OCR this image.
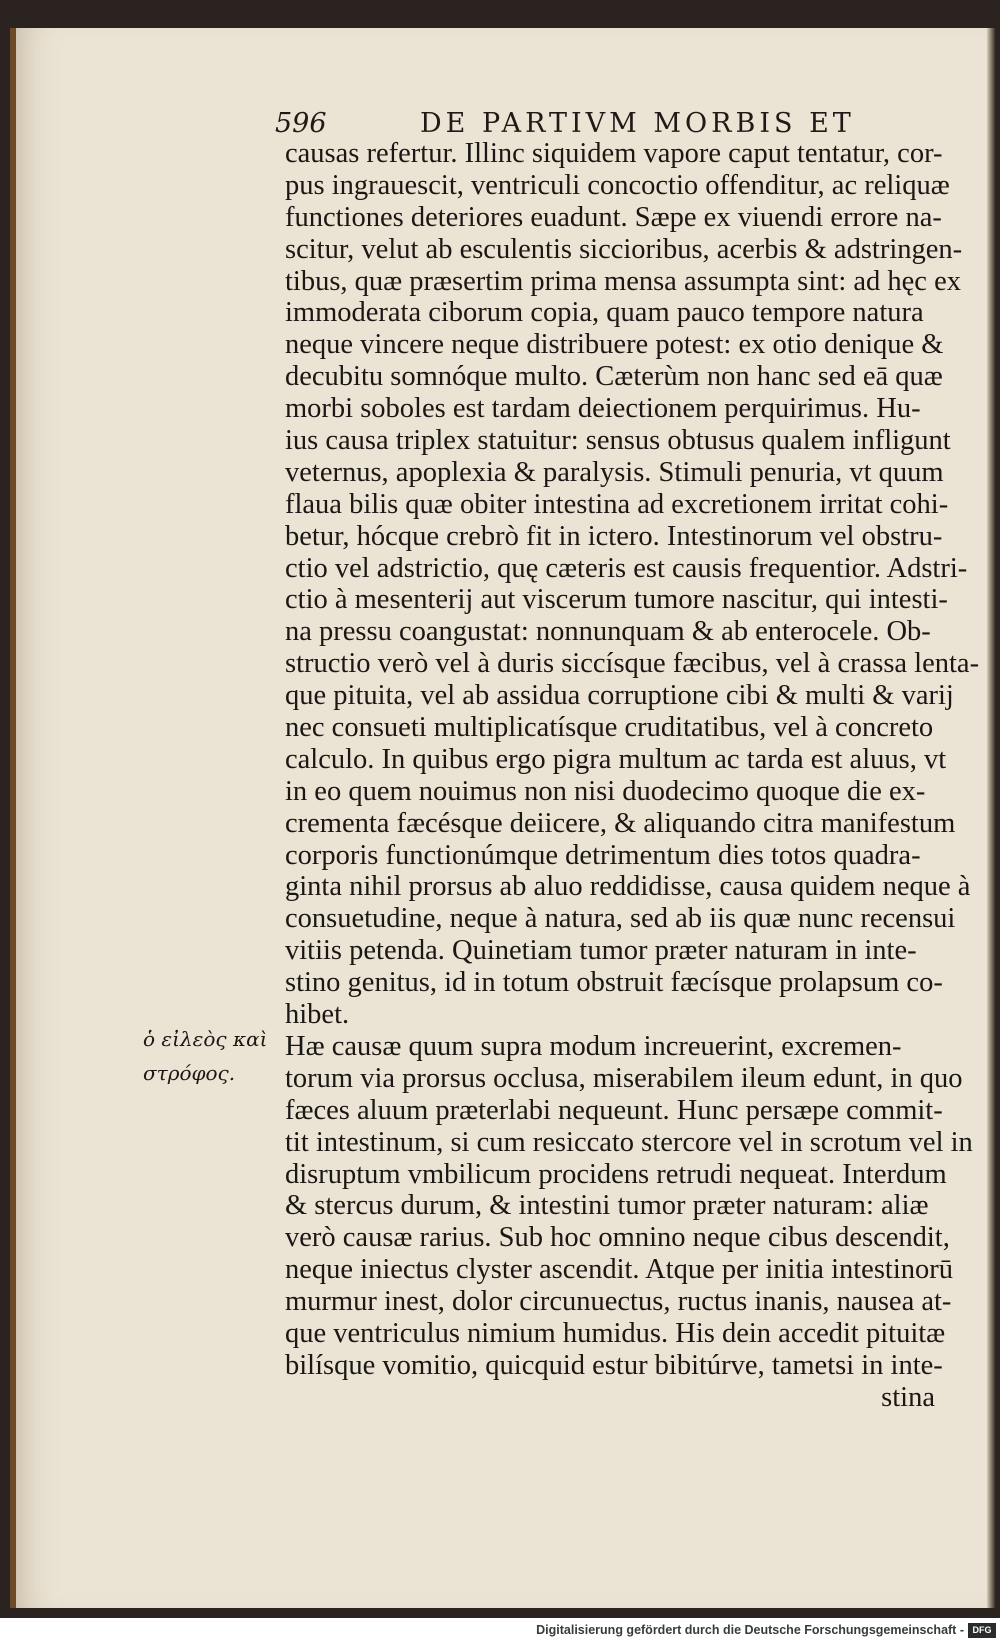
596	DE PARTIVM MORBIS ET
causas refertur. Illinc siquidem vapore caput tentatur, cor-
pus ingrauescit, ventriculi concoctio offenditur, ac reliquæ
functiones deteriores euadunt. Sæpe ex viuendi errore na-
scitur, velut ab esculentis siccioribus, acerbis & adstringen-
tibus, quæ præsertim prima mensa assumpta sint: ad hęc ex
immoderata ciborum copia, quam pauco tempore natura
neque vincere neque distribuere potest: ex otio denique &
decubitu somnóque multo. Cæterùm non hanc sed eā quæ
morbi soboles est tardam deiectionem perquirimus. Hu-
ius causa triplex statuitur: sensus obtusus qualem infligunt
veternus, apoplexia & paralysis. Stimuli penuria, vt quum
flaua bilis quæ obiter intestina ad excretionem irritat cohi-
betur, hócque crebrò fit in ictero. Intestinorum vel obstru-
ctio vel adstrictio, quę cæteris est causis frequentior. Adstri-
ctio à mesenterij aut viscerum tumore nascitur, qui intesti-
na pressu coangustat: nonnunquam & ab enterocele. Ob-
structio verò vel à duris siccísque fæcibus, vel à crassa lenta-
que pituita, vel ab assidua corruptione cibi & multi & varij
nec consueti multiplicatísque cruditatibus, vel à concreto
calculo. In quibus ergo pigra multum ac tarda est aluus, vt
in eo quem nouimus non nisi duodecimo quoque die ex-
crementa fæcésque deiicere, & aliquando citra manifestum
corporis functionúmque detrimentum dies totos quadra-
ginta nihil prorsus ab aluo reddidisse, causa quidem neque à
consuetudine, neque à natura, sed ab iis quæ nunc recensui
vitiis petenda. Quinetiam tumor præter naturam in inte-
stino genitus, id in totum obstruit fæcísque prolapsum co-
hibet.
Hæ causæ quum supra modum increuerint, excremen-
torum via prorsus occlusa, miserabilem ileum edunt, in quo
fæces aluum præterlabi nequeunt. Hunc persæpe commit-
tit intestinum, si cum resiccato stercore vel in scrotum vel in
disruptum vmbilicum procidens retrudi nequeat. Interdum
& stercus durum, & intestini tumor præter naturam: aliæ
verò causæ rarius. Sub hoc omnino neque cibus descendit,
neque iniectus clyster ascendit. Atque per initia intestinorū
murmur inest, dolor circunuectus, ructus inanis, nausea at-
que ventriculus nimium humidus. His dein accedit pituitæ
bilísque vomitio, quicquid estur bibitúrve, tametsi in inte-
stina
ὁ εἰλεὸς καὶ
στρόφος.
Digitalisierung gefördert durch die Deutsche Forschungsgemeinschaft - DFG
